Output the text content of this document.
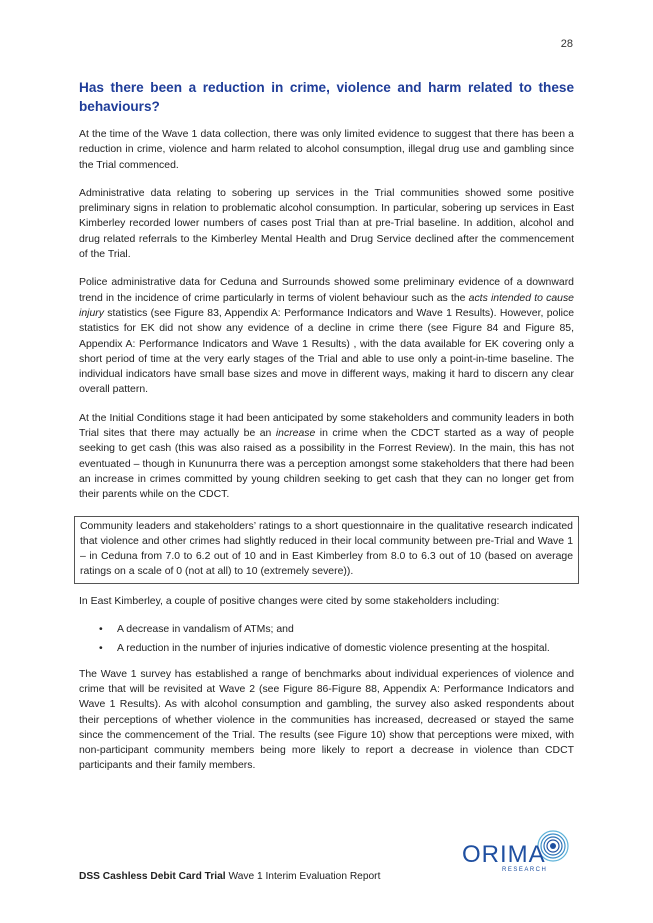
28
Has there been a reduction in crime, violence and harm related to these behaviours?

At the time of the Wave 1 data collection, there was only limited evidence to suggest that there has been a reduction in crime, violence and harm related to alcohol consumption, illegal drug use and gambling since the Trial commenced.

Administrative data relating to sobering up services in the Trial communities showed some positive preliminary signs in relation to problematic alcohol consumption. In particular, sobering up services in East Kimberley recorded lower numbers of cases post Trial than at pre-Trial baseline. In addition, alcohol and drug related referrals to the Kimberley Mental Health and Drug Service declined after the commencement of the Trial.

Police administrative data for Ceduna and Surrounds showed some preliminary evidence of a downward trend in the incidence of crime particularly in terms of violent behaviour such as the acts intended to cause injury statistics (see Figure 83, Appendix A: Performance Indicators and Wave 1 Results). However, police statistics for EK did not show any evidence of a decline in crime there (see Figure 84 and Figure 85, Appendix A: Performance Indicators and Wave 1 Results) , with the data available for EK covering only a short period of time at the very early stages of the Trial and able to use only a point-in-time baseline. The individual indicators have small base sizes and move in different ways, making it hard to discern any clear overall pattern.

At the Initial Conditions stage it had been anticipated by some stakeholders and community leaders in both Trial sites that there may actually be an increase in crime when the CDCT started as a way of people seeking to get cash (this was also raised as a possibility in the Forrest Review). In the main, this has not eventuated – though in Kununurra there was a perception amongst some stakeholders that there had been an increase in crimes committed by young children seeking to get cash that they can no longer get from their parents while on the CDCT.

Community leaders and stakeholders’ ratings to a short questionnaire in the qualitative research indicated that violence and other crimes had slightly reduced in their local community between pre-Trial and Wave 1 – in Ceduna from 7.0 to 6.2 out of 10 and in East Kimberley from 8.0 to 6.3 out of 10 (based on average ratings on a scale of 0 (not at all) to 10 (extremely severe)).

In East Kimberley, a couple of positive changes were cited by some stakeholders including:

• A decrease in vandalism of ATMs; and
• A reduction in the number of injuries indicative of domestic violence presenting at the hospital.

The Wave 1 survey has established a range of benchmarks about individual experiences of violence and crime that will be revisited at Wave 2 (see Figure 86-Figure 88, Appendix A: Performance Indicators and Wave 1 Results). As with alcohol consumption and gambling, the survey also asked respondents about their perceptions of whether violence in the communities has increased, decreased or stayed the same since the commencement of the Trial. The results (see Figure 10) show that perceptions were mixed, with non-participant community members being more likely to report a decrease in violence than CDCT participants and their family members.

ORIMA
RESEARCH
DSS Cashless Debit Card Trial Wave 1 Interim Evaluation Report
